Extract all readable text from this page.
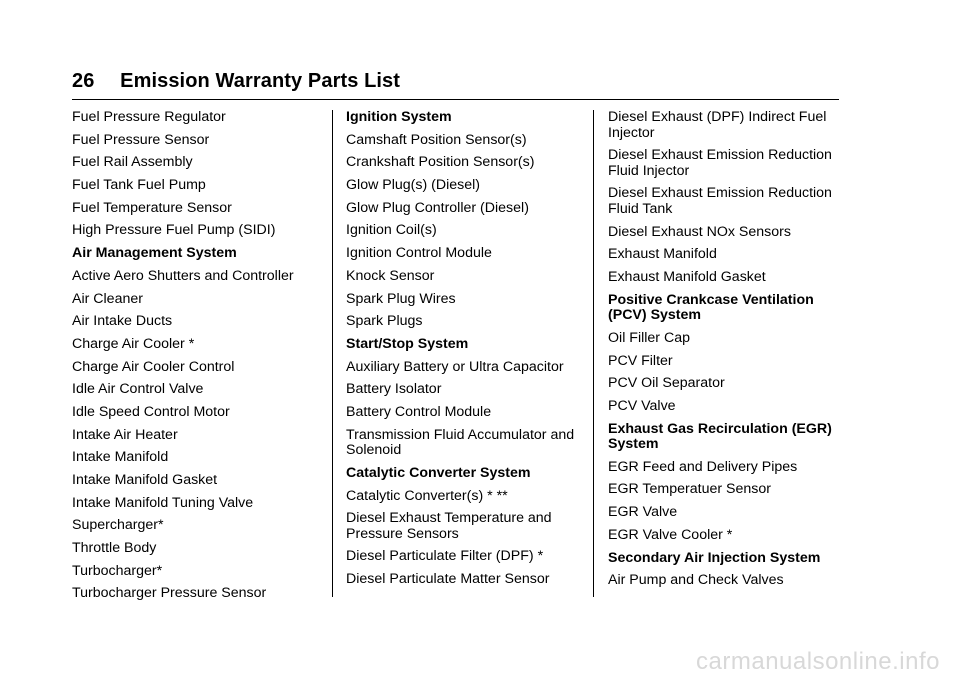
26 Emission Warranty Parts List
Fuel Pressure Regulator
Fuel Pressure Sensor
Fuel Rail Assembly
Fuel Tank Fuel Pump
Fuel Temperature Sensor
High Pressure Fuel Pump (SIDI)
Air Management System
Active Aero Shutters and Controller
Air Cleaner
Air Intake Ducts
Charge Air Cooler *
Charge Air Cooler Control
Idle Air Control Valve
Idle Speed Control Motor
Intake Air Heater
Intake Manifold
Intake Manifold Gasket
Intake Manifold Tuning Valve
Supercharger*
Throttle Body
Turbocharger*
Turbocharger Pressure Sensor
Ignition System
Camshaft Position Sensor(s)
Crankshaft Position Sensor(s)
Glow Plug(s) (Diesel)
Glow Plug Controller (Diesel)
Ignition Coil(s)
Ignition Control Module
Knock Sensor
Spark Plug Wires
Spark Plugs
Start/Stop System
Auxiliary Battery or Ultra Capacitor
Battery Isolator
Battery Control Module
Transmission Fluid Accumulator and Solenoid
Catalytic Converter System
Catalytic Converter(s) * **
Diesel Exhaust Temperature and Pressure Sensors
Diesel Particulate Filter (DPF) *
Diesel Particulate Matter Sensor
Diesel Exhaust (DPF) Indirect Fuel Injector
Diesel Exhaust Emission Reduction Fluid Injector
Diesel Exhaust Emission Reduction Fluid Tank
Diesel Exhaust NOx Sensors
Exhaust Manifold
Exhaust Manifold Gasket
Positive Crankcase Ventilation (PCV) System
Oil Filler Cap
PCV Filter
PCV Oil Separator
PCV Valve
Exhaust Gas Recirculation (EGR) System
EGR Feed and Delivery Pipes
EGR Temperatuer Sensor
EGR Valve
EGR Valve Cooler *
Secondary Air Injection System
Air Pump and Check Valves
carmanualsonline.info
